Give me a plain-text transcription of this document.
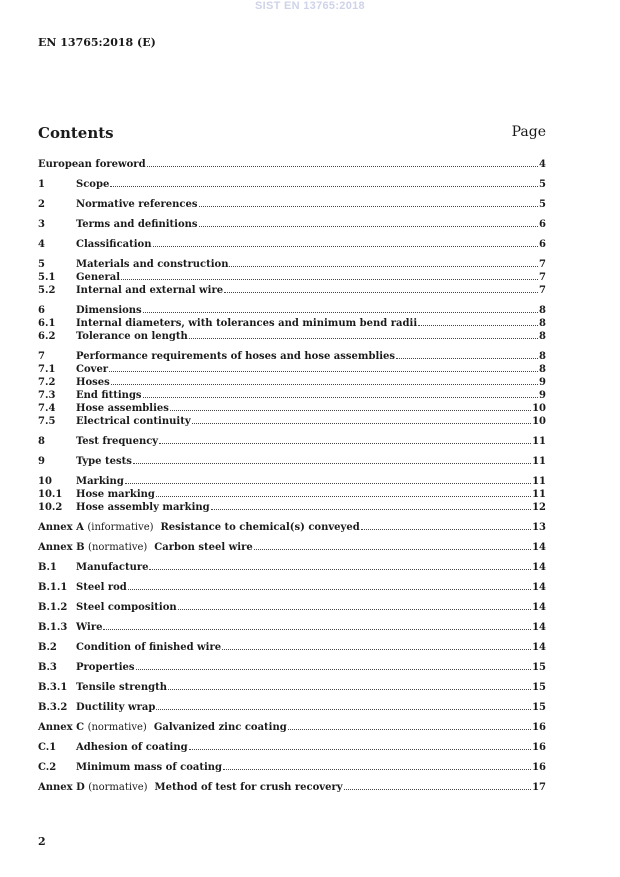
SIST EN 13765:2018
EN 13765:2018 (E)
Contents	Page
European foreword	4
1	Scope	5
2	Normative references	5
3	Terms and definitions	6
4	Classification	6
5	Materials and construction	7
5.1	General	7
5.2	Internal and external wire	7
6	Dimensions	8
6.1	Internal diameters, with tolerances and minimum bend radii	8
6.2	Tolerance on length	8
7	Performance requirements of hoses and hose assemblies	8
7.1	Cover	8
7.2	Hoses	9
7.3	End fittings	9
7.4	Hose assemblies	10
7.5	Electrical continuity	10
8	Test frequency	11
9	Type tests	11
10	Marking	11
10.1	Hose marking	11
10.2	Hose assembly marking	12
Annex A (informative) Resistance to chemical(s) conveyed	13
Annex B (normative) Carbon steel wire	14
B.1	Manufacture	14
B.1.1 Steel rod	14
B.1.2 Steel composition	14
B.1.3 Wire	14
B.2	Condition of finished wire	14
B.3	Properties	15
B.3.1 Tensile strength	15
B.3.2 Ductility wrap	15
Annex C (normative) Galvanized zinc coating	16
C.1	Adhesion of coating	16
C.2	Minimum mass of coating	16
Annex D (normative) Method of test for crush recovery	17
2
